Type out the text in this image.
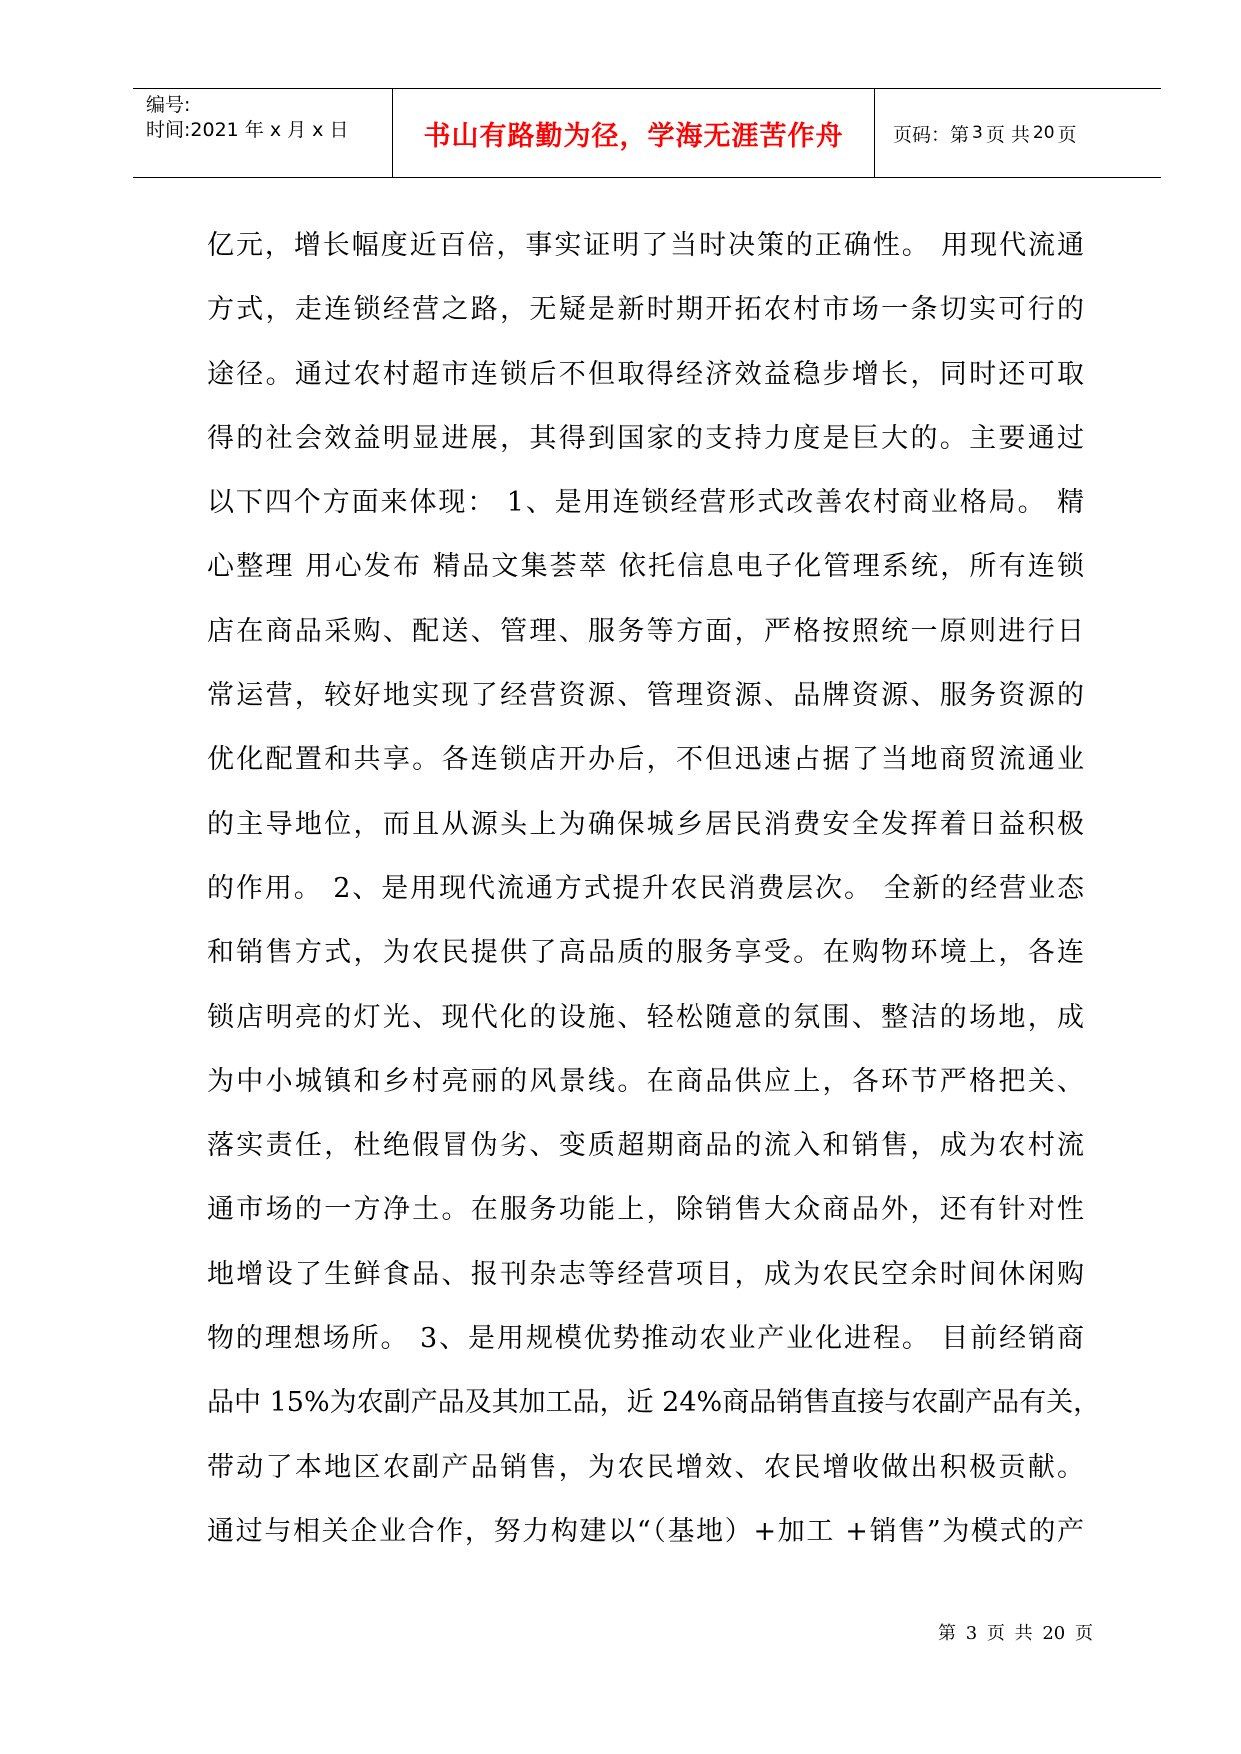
编号:
时间:2021 年 x 月 x 日	书山有路勤为径，学海无涯苦作舟	页码：第 3 页 共 20 页
亿元，增长幅度近百倍，事实证明了当时决策的正确性。 用现代流通
方式，走连锁经营之路，无疑是新时期开拓农村市场一条切实可行的
途径。通过农村超市连锁后不但取得经济效益稳步增长，同时还可取
得的社会效益明显进展，其得到国家的支持力度是巨大的。主要通过
以下四个方面来体现： 1、是用连锁经营形式改善农村商业格局。 精
心整理 用心发布 精品文集荟萃 依托信息电子化管理系统，所有连锁
店在商品采购、配送、管理、服务等方面，严格按照统一原则进行日
常运营，较好地实现了经营资源、管理资源、品牌资源、服务资源的
优化配置和共享。各连锁店开办后，不但迅速占据了当地商贸流通业
的主导地位，而且从源头上为确保城乡居民消费安全发挥着日益积极
的作用。 2、是用现代流通方式提升农民消费层次。 全新的经营业态
和销售方式，为农民提供了高品质的服务享受。在购物环境上，各连
锁店明亮的灯光、现代化的设施、轻松随意的氛围、整洁的场地，成
为中小城镇和乡村亮丽的风景线。在商品供应上，各环节严格把关、
落实责任，杜绝假冒伪劣、变质超期商品的流入和销售，成为农村流
通市场的一方净土。在服务功能上，除销售大众商品外，还有针对性
地增设了生鲜食品、报刊杂志等经营项目，成为农民空余时间休闲购
物的理想场所。 3、是用规模优势推动农业产业化进程。 目前经销商
品中 15%为农副产品及其加工品，近 24%商品销售直接与农副产品有关，
带动了本地区农副产品销售，为农民增效、农民增收做出积极贡献。
通过与相关企业合作，努力构建以“（基地）+加工 +销售”为模式的产
第 3 页 共 20 页
